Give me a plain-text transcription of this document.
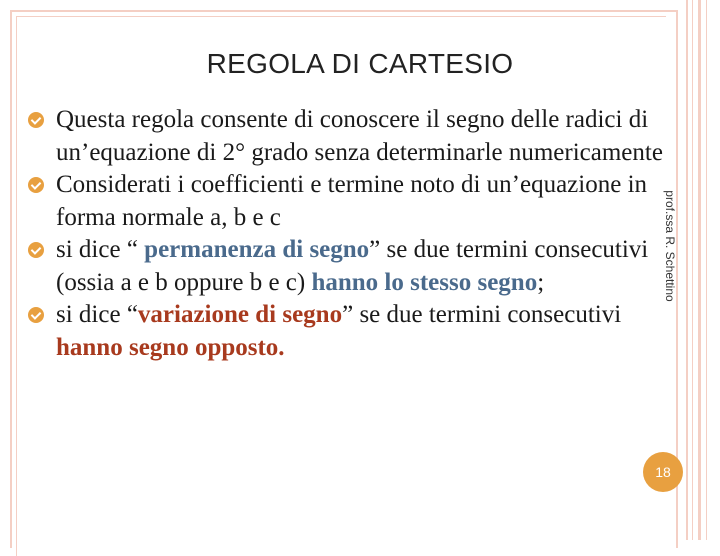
REGOLA DI CARTESIO

Questa regola consente di conoscere il segno delle radici di un’equazione di 2° grado senza determinarle numericamente

Considerati i coefficienti e termine noto di un’equazione in forma normale a, b e c

si dice “ permanenza di segno” se due termini consecutivi (ossia a e b oppure b e c) hanno lo stesso segno;

si dice “variazione di segno” se due termini consecutivi hanno segno opposto.

prof.ssa R. Schettino
18
